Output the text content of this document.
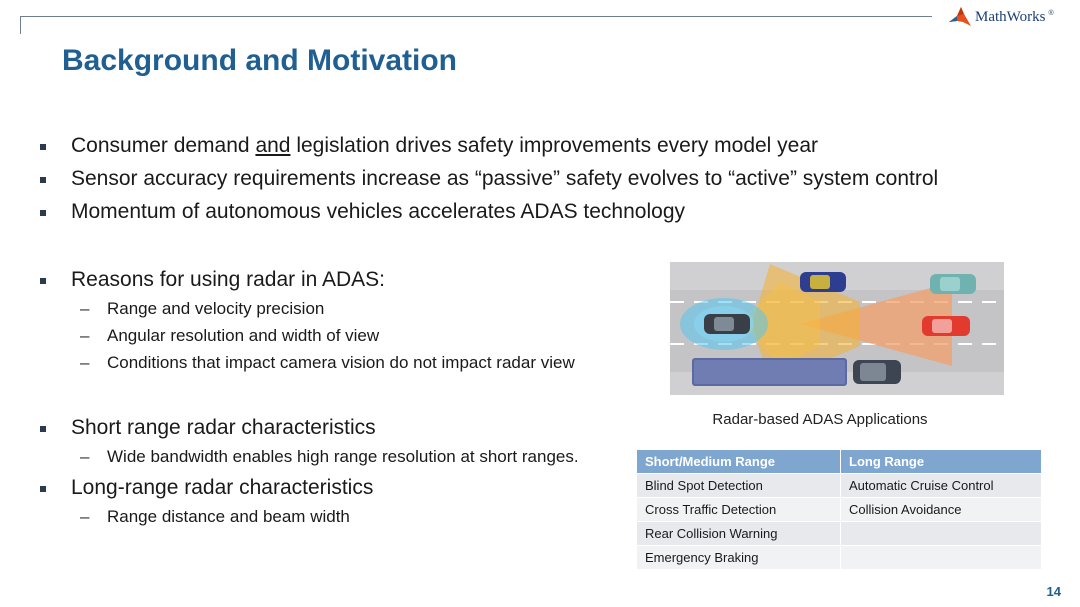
MathWorks ®
Background and Motivation
Consumer demand and legislation drives safety improvements every model year
Sensor accuracy requirements increase as “passive” safety evolves to “active” system control
Momentum of autonomous vehicles accelerates ADAS technology
Reasons for using radar in ADAS:
–	Range and velocity precision
–	Angular resolution and width of view
–	Conditions that impact camera vision do not impact radar view
Short range radar characteristics
–	Wide bandwidth enables high range resolution at short ranges.
Long-range radar characteristics
–	Range distance and beam width
Radar-based ADAS Applications
Short/Medium Range	Long Range
Blind Spot Detection	Automatic Cruise Control
Cross Traffic Detection	Collision Avoidance
Rear Collision Warning	
Emergency Braking	
14
